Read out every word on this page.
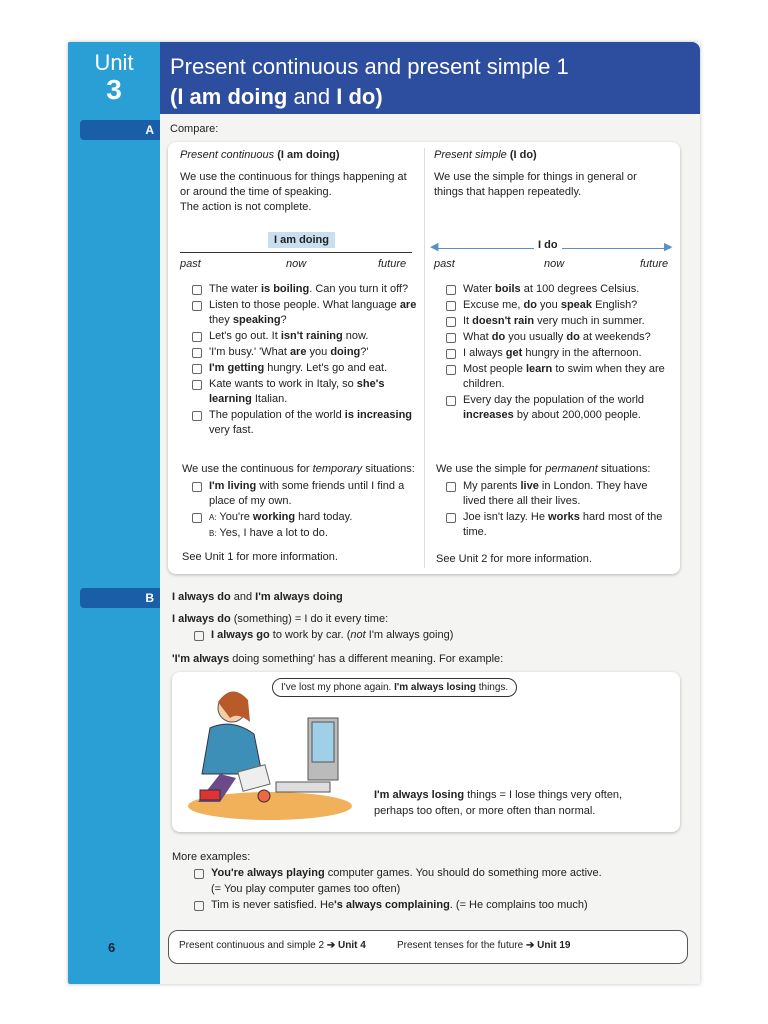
Unit
3
Present continuous and present simple 1
(I am doing and I do)
A
B
6
Compare:
Present continuous (I am doing)
We use the continuous for things happening at
or around the time of speaking.
The action is not complete.
I am doing
past	now	future
The water is boiling. Can you turn it off?
Listen to those people. What language are they speaking?
Let's go out. It isn't raining now.
'I'm busy.' 'What are you doing?'
I'm getting hungry. Let's go and eat.
Kate wants to work in Italy, so she's learning Italian.
The population of the world is increasing very fast.
We use the continuous for temporary situations:
I'm living with some friends until I find a place of my own.
A: You're working hard today.
B: Yes, I have a lot to do.
See Unit 1 for more information.
Present simple (I do)
We use the simple for things in general or
things that happen repeatedly.
I do
◀	▶
past	now	future
Water boils at 100 degrees Celsius.
Excuse me, do you speak English?
It doesn't rain very much in summer.
What do you usually do at weekends?
I always get hungry in the afternoon.
Most people learn to swim when they are children.
Every day the population of the world increases by about 200,000 people.
We use the simple for permanent situations:
My parents live in London. They have lived there all their lives.
Joe isn't lazy. He works hard most of the time.
See Unit 2 for more information.
I always do and I'm always doing
I always do (something) = I do it every time:
I always go to work by car. (not I'm always going)
'I'm always doing something' has a different meaning. For example:
I've lost my phone again. I'm always losing things.
I'm always losing things = I lose things very often,
perhaps too often, or more often than normal.
More examples:
You're always playing computer games. You should do something more active.
(= You play computer games too often)
Tim is never satisfied. He's always complaining. (= He complains too much)
Present continuous and simple 2 ➔ Unit 4	Present tenses for the future ➔ Unit 19
